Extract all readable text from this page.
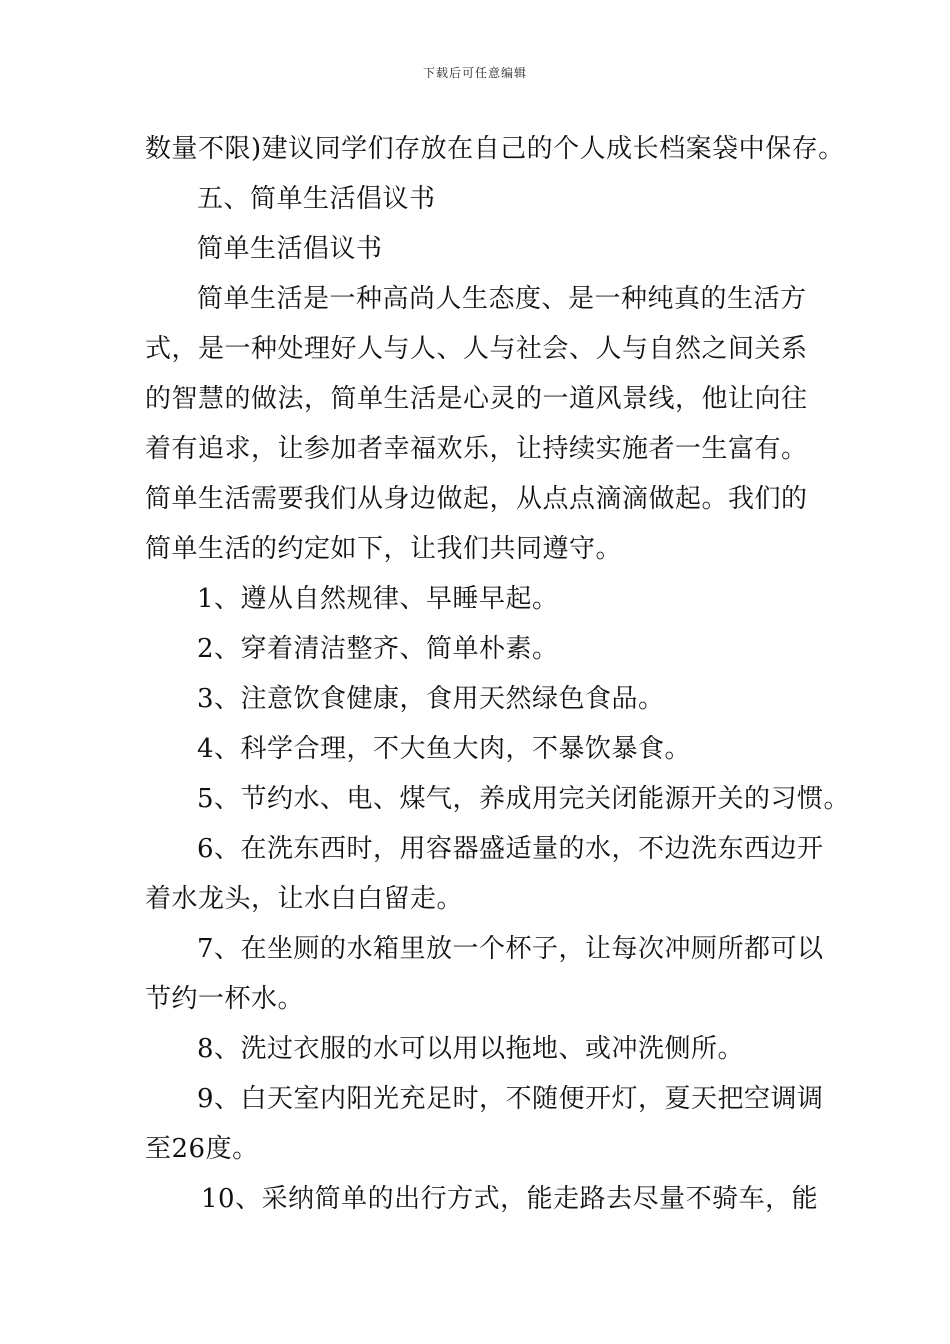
下载后可任意编辑
数量不限)建议同学们存放在自己的个人成长档案袋中保存。
五、简单生活倡议书
简单生活倡议书
简单生活是一种高尚人生态度、是一种纯真的生活方
式，是一种处理好人与人、人与社会、人与自然之间关系
的智慧的做法，简单生活是心灵的一道风景线，他让向往
着有追求，让参加者幸福欢乐，让持续实施者一生富有。
简单生活需要我们从身边做起，从点点滴滴做起。我们的
简单生活的约定如下，让我们共同遵守。
1、遵从自然规律、早睡早起。
2、穿着清洁整齐、简单朴素。
3、注意饮食健康，食用天然绿色食品。
4、科学合理，不大鱼大肉，不暴饮暴食。
5、节约水、电、煤气，养成用完关闭能源开关的习惯。
6、在洗东西时，用容器盛适量的水，不边洗东西边开
着水龙头，让水白白留走。
7、在坐厕的水箱里放一个杯子，让每次冲厕所都可以
节约一杯水。
8、洗过衣服的水可以用以拖地、或冲洗侧所。
9、白天室内阳光充足时，不随便开灯，夏天把空调调
至26度。
10、采纳简单的出行方式，能走路去尽量不骑车，能
